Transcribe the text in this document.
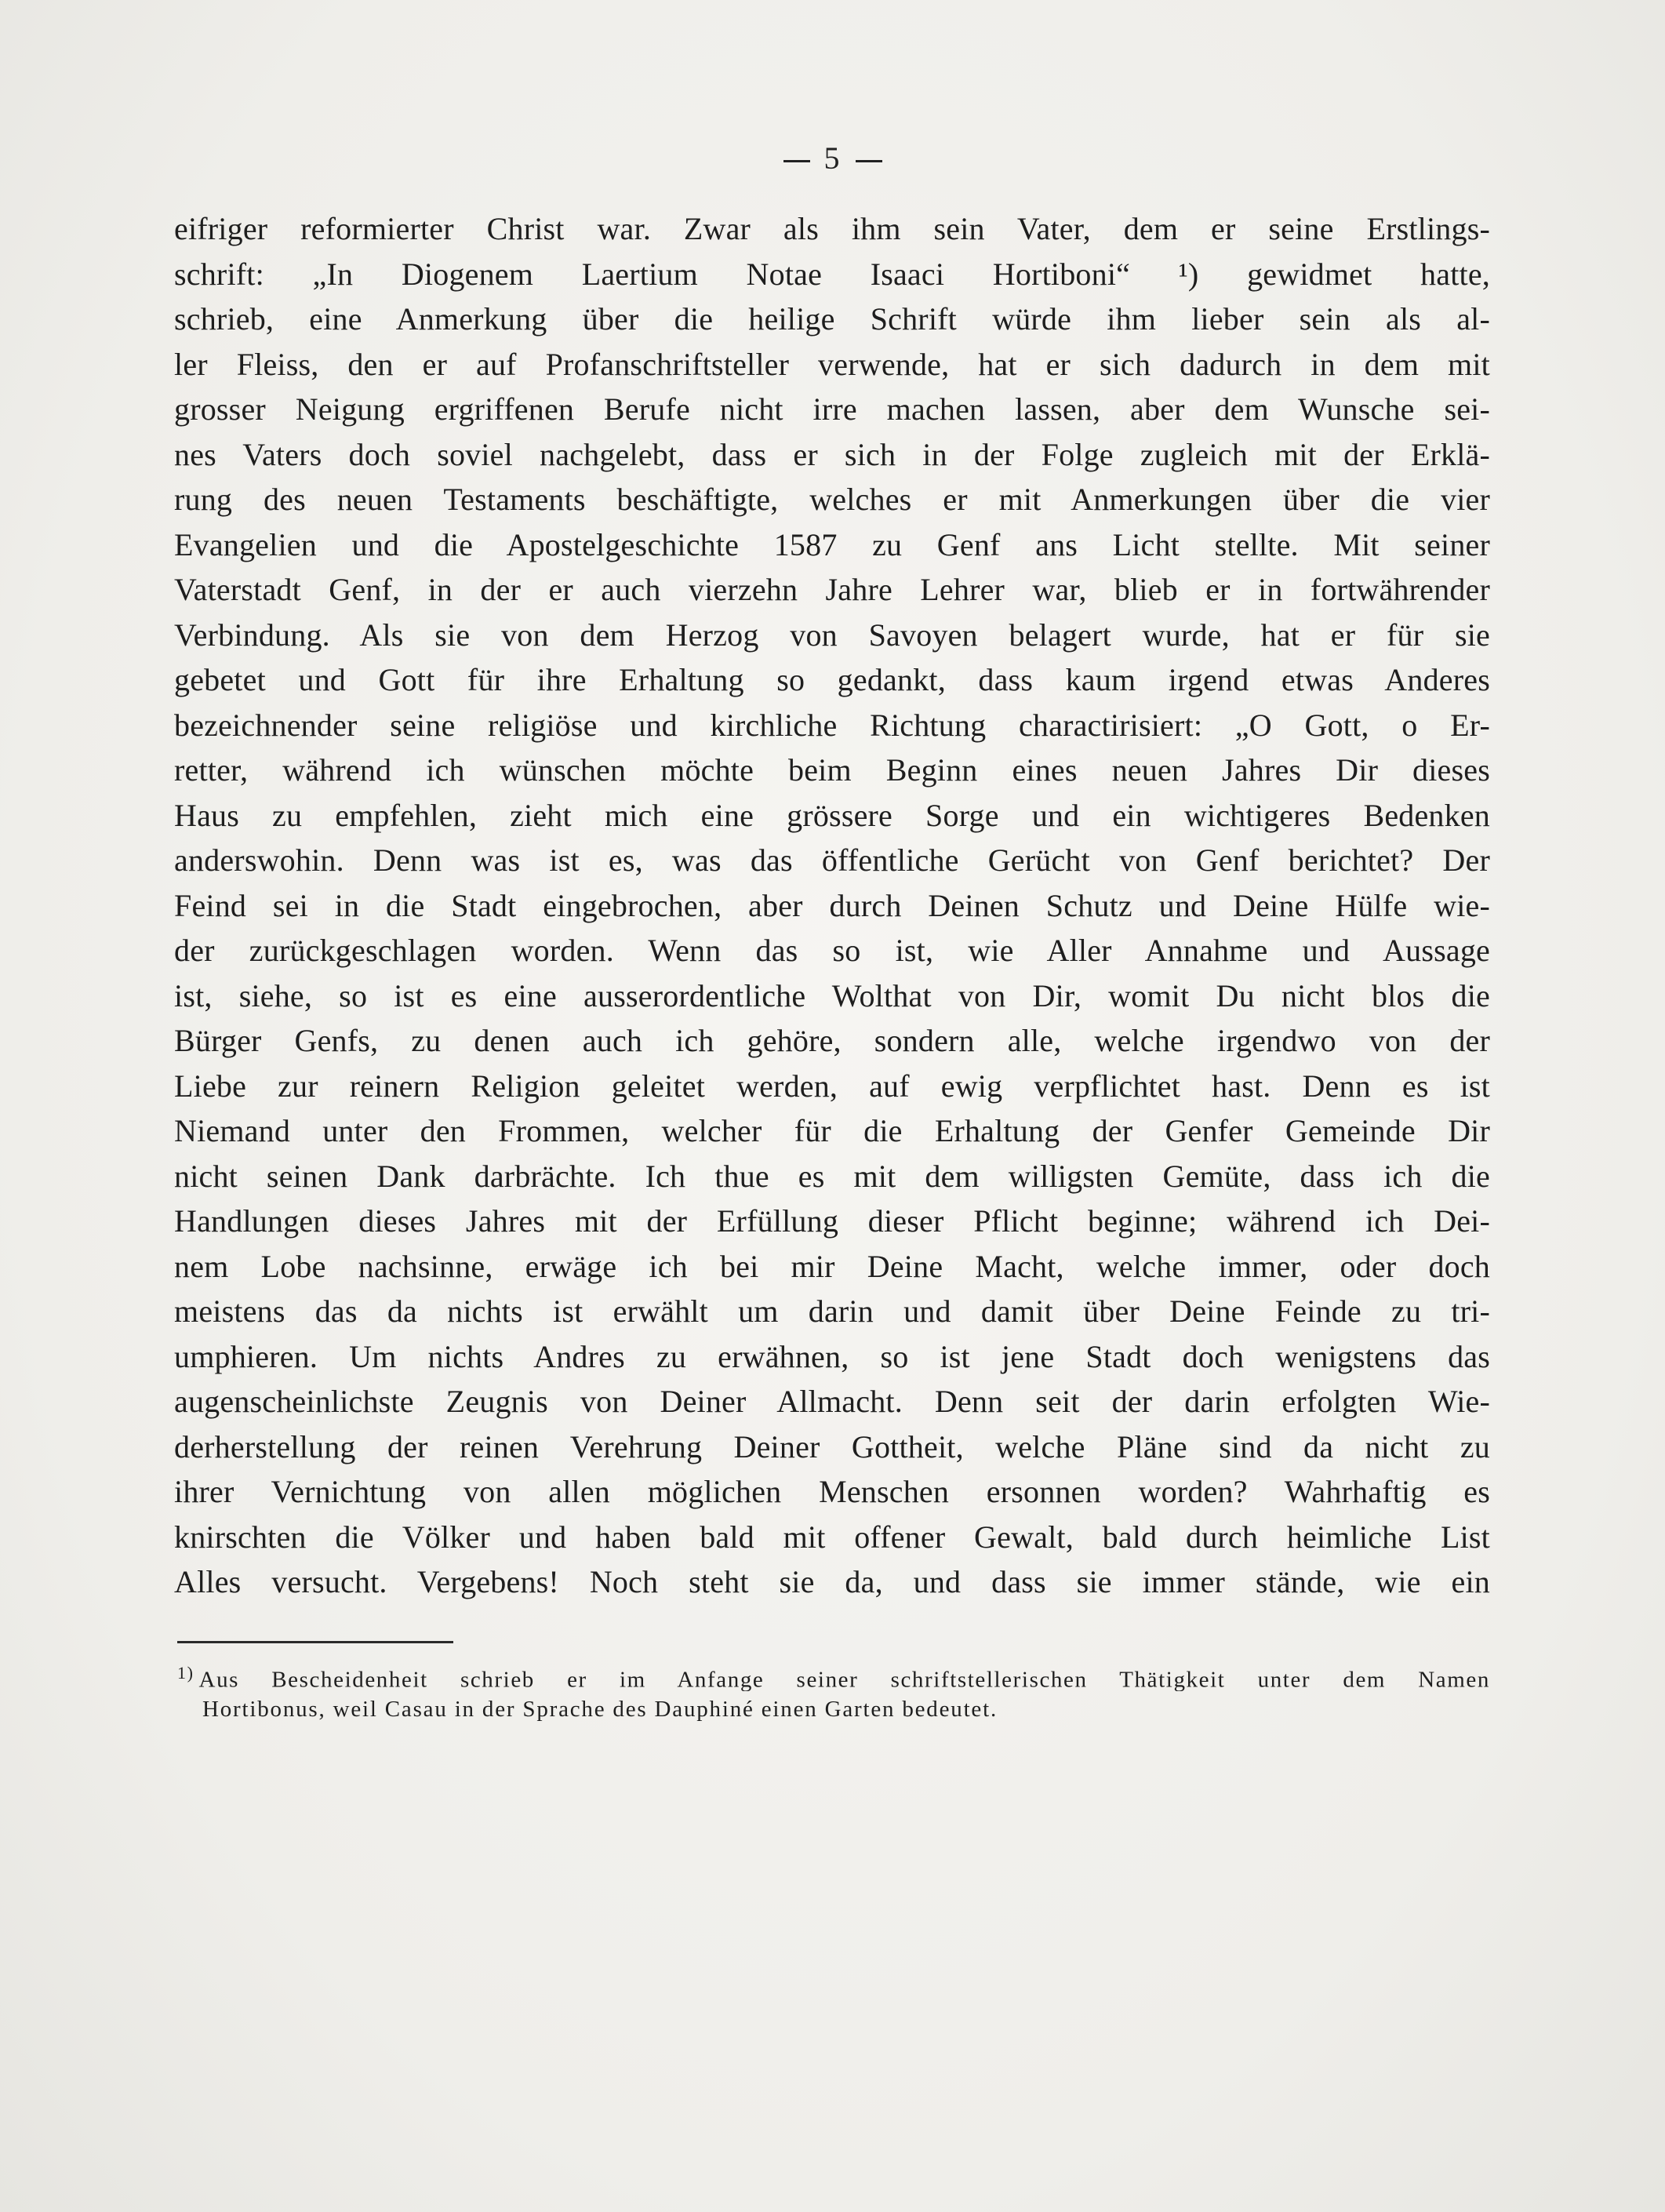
5
eifriger reformierter Christ war. Zwar als ihm sein Vater, dem er seine Erstlings-
schrift: „In Diogenem Laertium Notae Isaaci Hortiboni“ ¹) gewidmet hatte,
schrieb, eine Anmerkung über die heilige Schrift würde ihm lieber sein als al-
ler Fleiss, den er auf Profanschriftsteller verwende, hat er sich dadurch in dem mit
grosser Neigung ergriffenen Berufe nicht irre machen lassen, aber dem Wunsche sei-
nes Vaters doch soviel nachgelebt, dass er sich in der Folge zugleich mit der Erklä-
rung des neuen Testaments beschäftigte, welches er mit Anmerkungen über die vier
Evangelien und die Apostelgeschichte 1587 zu Genf ans Licht stellte. Mit seiner
Vaterstadt Genf, in der er auch vierzehn Jahre Lehrer war, blieb er in fortwährender
Verbindung. Als sie von dem Herzog von Savoyen belagert wurde, hat er für sie
gebetet und Gott für ihre Erhaltung so gedankt, dass kaum irgend etwas Anderes
bezeichnender seine religiöse und kirchliche Richtung charactirisiert: „O Gott, o Er-
retter, während ich wünschen möchte beim Beginn eines neuen Jahres Dir dieses
Haus zu empfehlen, zieht mich eine grössere Sorge und ein wichtigeres Bedenken
anderswohin. Denn was ist es, was das öffentliche Gerücht von Genf berichtet? Der
Feind sei in die Stadt eingebrochen, aber durch Deinen Schutz und Deine Hülfe wie-
der zurückgeschlagen worden. Wenn das so ist, wie Aller Annahme und Aussage
ist, siehe, so ist es eine ausserordentliche Wolthat von Dir, womit Du nicht blos die
Bürger Genfs, zu denen auch ich gehöre, sondern alle, welche irgendwo von der
Liebe zur reinern Religion geleitet werden, auf ewig verpflichtet hast. Denn es ist
Niemand unter den Frommen, welcher für die Erhaltung der Genfer Gemeinde Dir
nicht seinen Dank darbrächte. Ich thue es mit dem willigsten Gemüte, dass ich die
Handlungen dieses Jahres mit der Erfüllung dieser Pflicht beginne; während ich Dei-
nem Lobe nachsinne, erwäge ich bei mir Deine Macht, welche immer, oder doch
meistens das da nichts ist erwählt um darin und damit über Deine Feinde zu tri-
umphieren. Um nichts Andres zu erwähnen, so ist jene Stadt doch wenigstens das
augenscheinlichste Zeugnis von Deiner Allmacht. Denn seit der darin erfolgten Wie-
derherstellung der reinen Verehrung Deiner Gottheit, welche Pläne sind da nicht zu
ihrer Vernichtung von allen möglichen Menschen ersonnen worden? Wahrhaftig es
knirschten die Völker und haben bald mit offener Gewalt, bald durch heimliche List
Alles versucht. Vergebens! Noch steht sie da, und dass sie immer stände, wie ein
$^{1)}$ Aus Bescheidenheit schrieb er im Anfange seiner schriftstellerischen Thätigkeit unter dem Namen
Hortibonus, weil Casau in der Sprache des Dauphiné einen Garten bedeutet.
